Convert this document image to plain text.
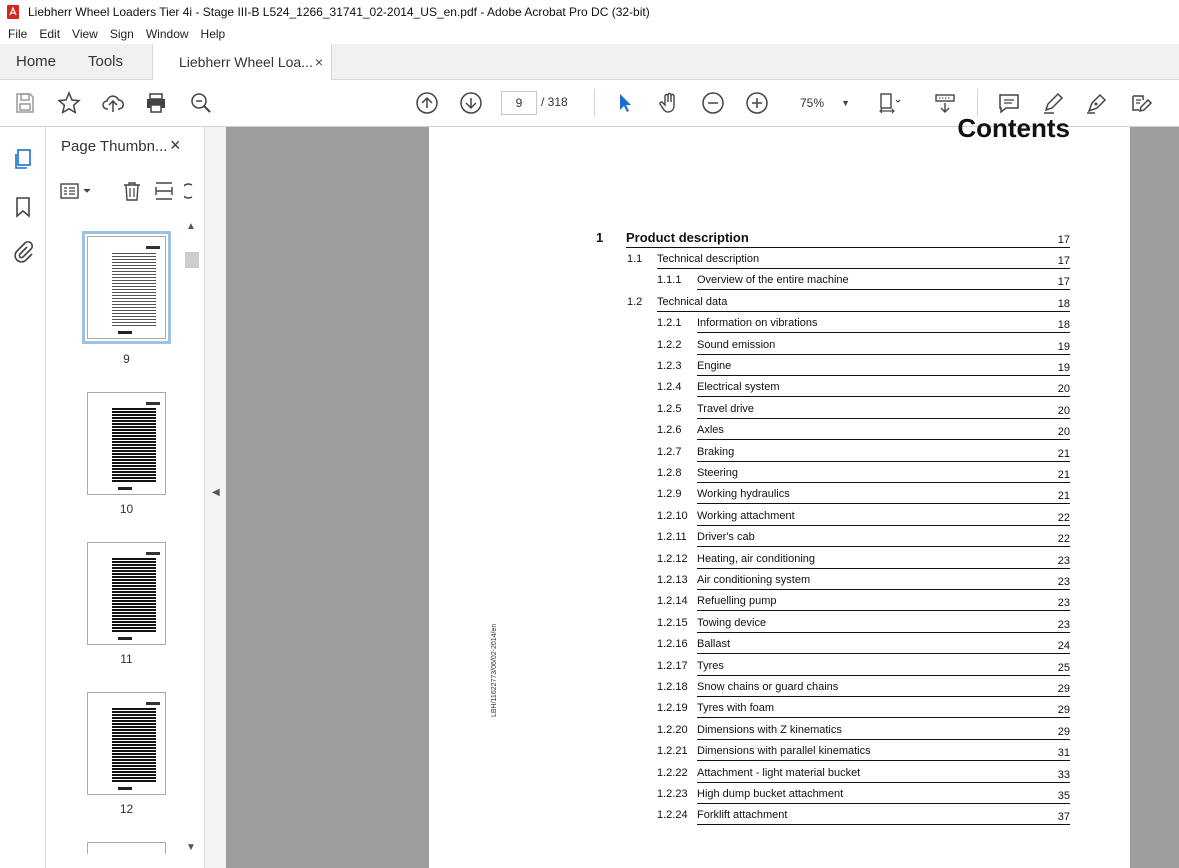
Liebherr Wheel Loaders Tier 4i - Stage III-B L524_1266_31741_02-2014_US_en.pdf - Adobe Acrobat Pro DC (32-bit)
File Edit View Sign Window Help
Home Tools	Liebherr Wheel Loa... ×
9	/ 318	75% ▼
Page Thumbn... ×
9
10
11
12
▲
▼
◀
Contents
LBH/11622773/06/02-2014/en
1 Product description	17
1.1 Technical description	17
1.1.1 Overview of the entire machine	17
1.2 Technical data	18
1.2.1 Information on vibrations	18
1.2.2 Sound emission	19
1.2.3 Engine	19
1.2.4 Electrical system	20
1.2.5 Travel drive	20
1.2.6 Axles	20
1.2.7 Braking	21
1.2.8 Steering	21
1.2.9 Working hydraulics	21
1.2.10 Working attachment	22
1.2.11 Driver's cab	22
1.2.12 Heating, air conditioning	23
1.2.13 Air conditioning system	23
1.2.14 Refuelling pump	23
1.2.15 Towing device	23
1.2.16 Ballast	24
1.2.17 Tyres	25
1.2.18 Snow chains or guard chains	29
1.2.19 Tyres with foam	29
1.2.20 Dimensions with Z kinematics	29
1.2.21 Dimensions with parallel kinematics	31
1.2.22 Attachment - light material bucket	33
1.2.23 High dump bucket attachment	35
1.2.24 Forklift attachment	37
